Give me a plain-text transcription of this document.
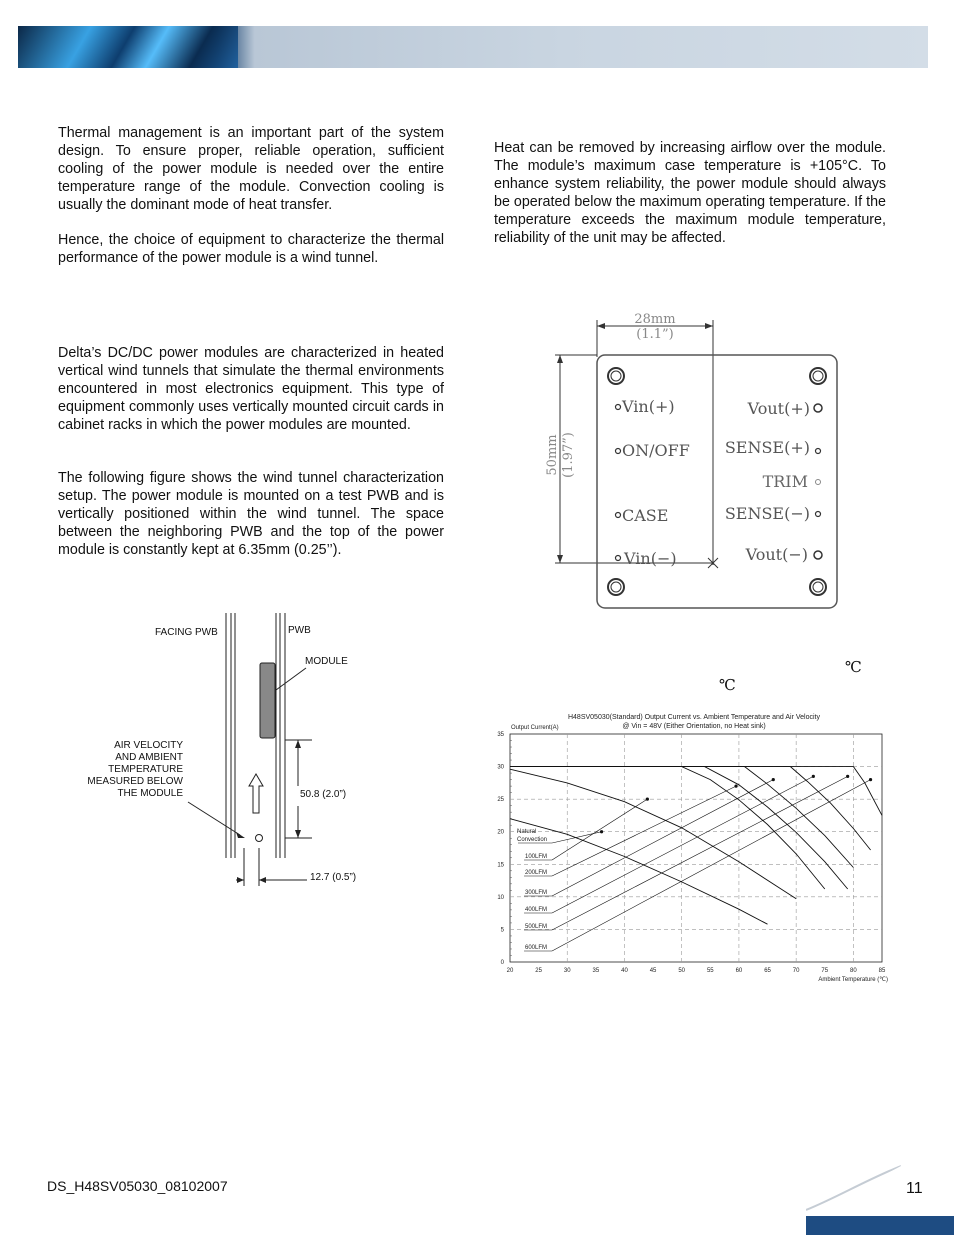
Thermal management is an important part of the system design. To ensure proper, reliable operation, sufficient cooling of the power module is needed over the entire temperature range of the module. Convection cooling is usually the dominant mode of heat transfer.

Hence, the choice of equipment to characterize the thermal performance of the power module is a wind tunnel.

Delta’s DC/DC power modules are characterized in heated vertical wind tunnels that simulate the thermal environments encountered in most electronics equipment. This type of equipment commonly uses vertically mounted circuit cards in cabinet racks in which the power modules are mounted.

The following figure shows the wind tunnel characterization setup. The power module is mounted on a test PWB and is vertically positioned within the wind tunnel. The space between the neighboring PWB and the top of the power module is constantly kept at 6.35mm (0.25’’).

Heat can be removed by increasing airflow over the module. The module’s maximum case temperature is +105°C. To enhance system reliability, the power module should always be operated below the maximum operating temperature. If the temperature exceeds the maximum module temperature, reliability of the unit may be affected.

FACING PWB	PWB
MODULE
AIR VELOCITY
AND AMBIENT
TEMPERATURE
MEASURED BELOW
THE MODULE	50.8 (2.0”)
12.7 (0.5”)
28mm
(1.1”)
50mm (1.97”)
Vin(+)
ON/OFF
CASE
Vin(−)
Vout(+)
SENSE(+)
TRIM
SENSE(−)
Vout(−)
℃
℃
H48SV05030(Standard) Output Current vs. Ambient Temperature and Air Velocity
@ Vin = 48V (Either Orientation, no Heat sink)
Output Current(A)
Ambient Temperature (℃)
Natural
Convection
100LFM
200LFM
300LFM
400LFM
500LFM
600LFM
0
5
10
15
20
25
30
35
20	25	30	35	40	45	50	55	60	65	70	75	80	85
DS_H48SV05030_08102007	11
